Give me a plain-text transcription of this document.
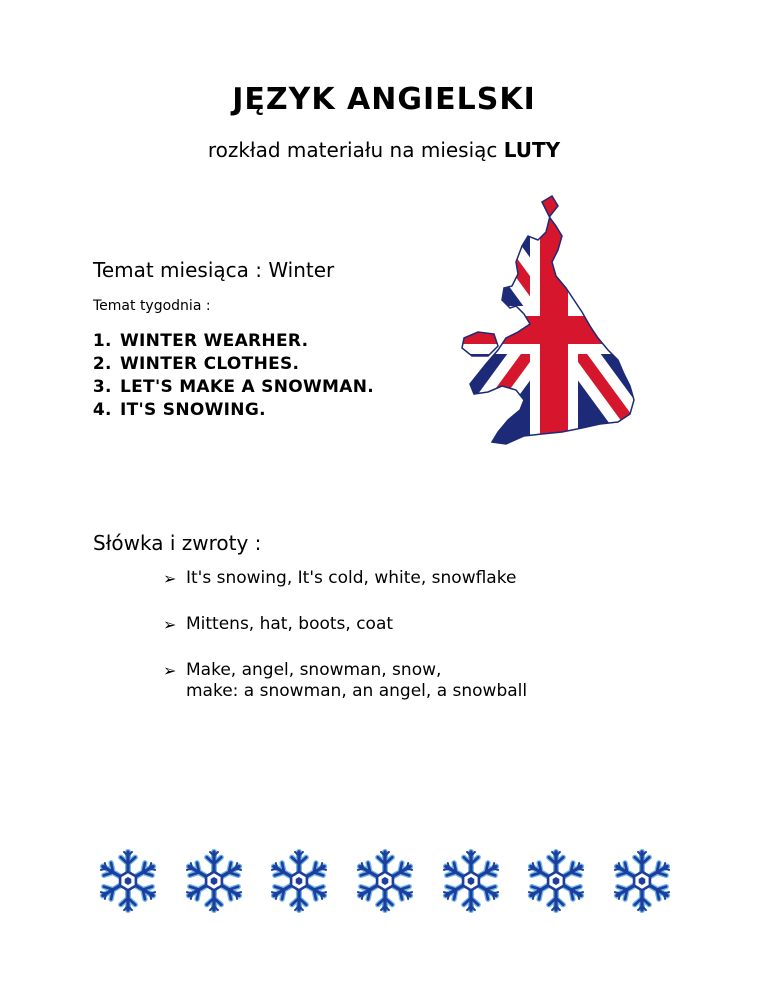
JĘZYK ANGIELSKI
rozkład materiału na miesiąc LUTY
Temat miesiąca : Winter
Temat tygodnia :
1. WINTER WEARHER.
2. WINTER CLOTHES.
3. LET'S MAKE A SNOWMAN.
4. IT'S SNOWING.
Słówka i zwroty :
➢ It's snowing, It's cold, white, snowflake
➢ Mittens, hat, boots, coat
➢ Make, angel, snowman, snow,
make: a snowman, an angel, a snowball
